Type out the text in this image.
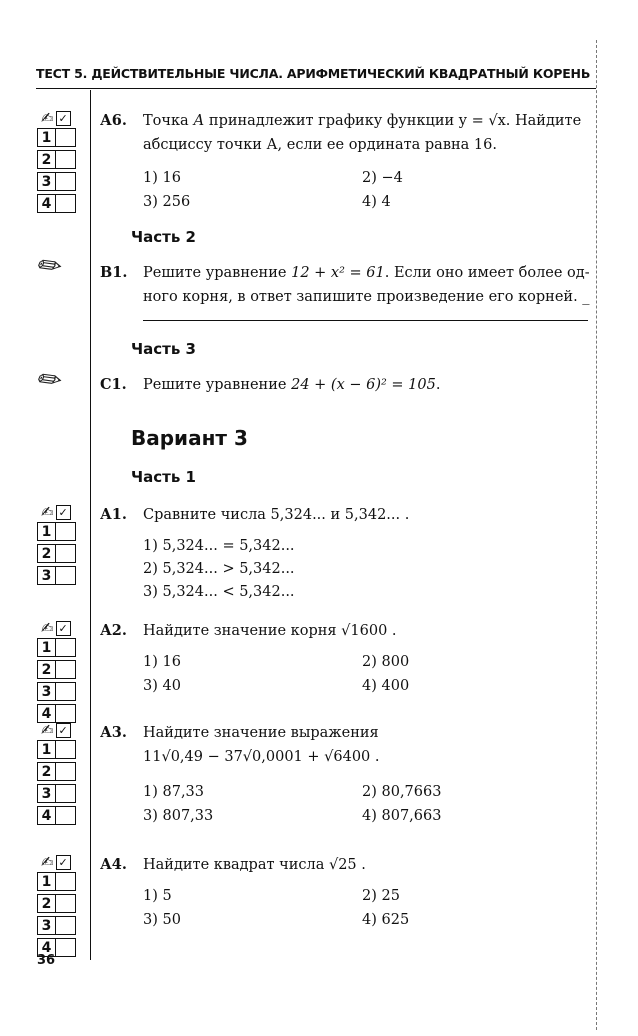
ТЕСТ 5. ДЕЙСТВИТЕЛЬНЫЕ ЧИСЛА. АРИФМЕТИЧЕСКИЙ КВАДРАТНЫЙ КОРЕНЬ
✍ ✓
1
2
3
4
А6. Точка А принадлежит графику функции y = √x. Найдите
абсциссу точки А, если ее ордината равна 16.
1) 16	2) −4
3) 256	4) 4
Часть 2
✎ В1. Решите уравнение 12 + x² = 61. Если оно имеет более од-
ного корня, в ответ запишите произведение его корней. _
Часть 3
✎ С1. Решите уравнение 24 + (x − 6)² = 105.
Вариант 3
Часть 1
✍ ✓
1
2
3
А1. Сравните числа 5,324... и 5,342... .
1) 5,324... = 5,342...
2) 5,324... > 5,342...
3) 5,324... < 5,342...
✍ ✓
1
2
3
4
А2. Найдите значение корня √1600 .
1) 16	2) 800
3) 40	4) 400
✍ ✓
1
2
3
4
А3. Найдите значение выражения
11√0,49 − 37√0,0001 + √6400 .
1) 87,33	2) 80,7663
3) 807,33	4) 807,663
✍ ✓
1
2
3
4
А4. Найдите квадрат числа √25 .
1) 5	2) 25
3) 50	4) 625
36
